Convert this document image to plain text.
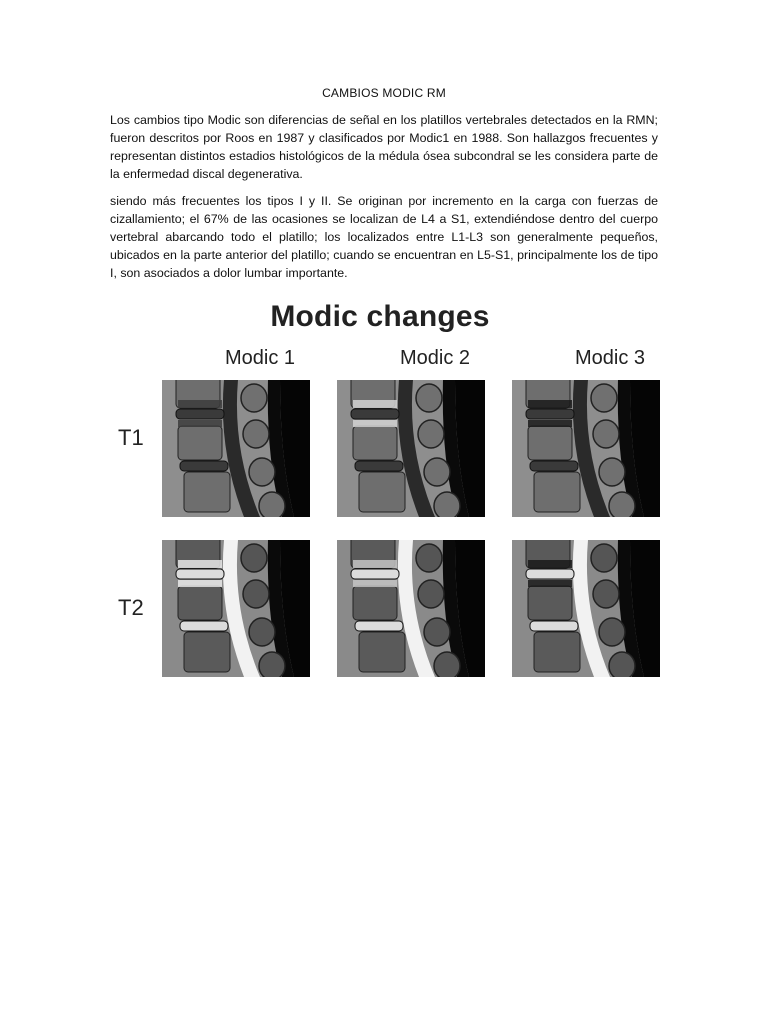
CAMBIOS MODIC RM

Los cambios tipo Modic son diferencias de señal en los platillos vertebrales detectados en la RMN; fueron descritos por Roos en 1987 y clasificados por Modic1 en 1988. Son hallazgos frecuentes y representan distintos estadios histológicos de la médula ósea subcondral se les considera parte de la enfermedad discal degenerativa.

siendo más frecuentes los tipos I y II. Se originan por incremento en la carga con fuerzas de cizallamiento; el 67% de las ocasiones se localizan de L4 a S1, extendiéndose dentro del cuerpo vertebral abarcando todo el platillo; los localizados entre L1-L3 son generalmente pequeños, ubicados en la parte anterior del platillo; cuando se encuentran en L5-S1, principalmente los de tipo I, son asociados a dolor lumbar importante.

Modic changes
Modic 1	Modic 2	Modic 3
T1
T2
